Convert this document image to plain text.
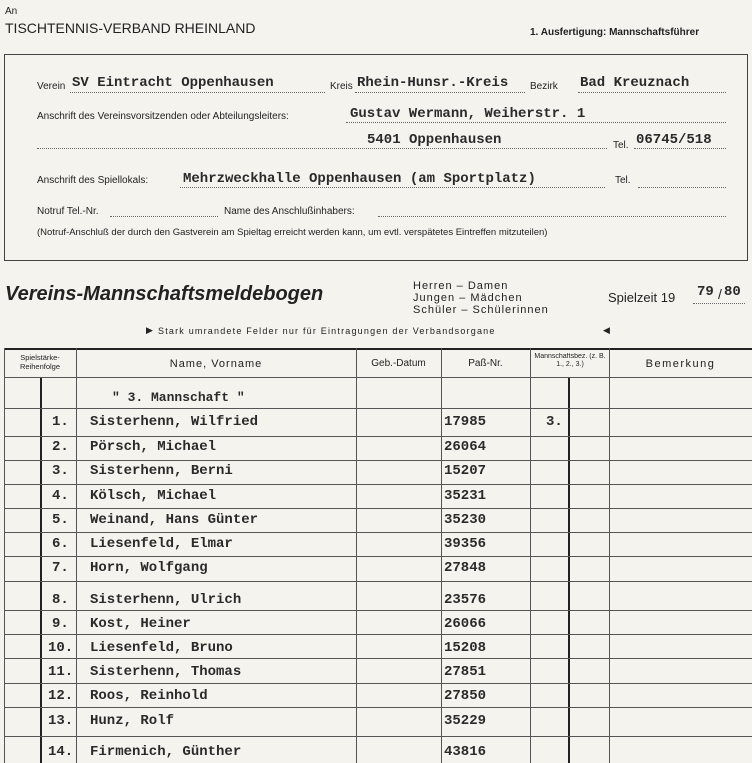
An
TISCHTENNIS-VERBAND RHEINLAND	1. Ausfertigung: Mannschaftsführer
Verein SV Eintracht Oppenhausen	Kreis Rhein-Hunsr.-Kreis Bezirk Bad Kreuznach
Anschrift des Vereinsvorsitzenden oder Abteilungsleiters:	Gustav Wermann, Weiherstr. 1
5401 Oppenhausen	Tel. 06745/518
Anschrift des Spiellokals: Mehrzweckhalle Oppenhausen (am Sportplatz)	Tel.
Notruf Tel.-Nr.	Name des Anschlußinhabers:
(Notruf-Anschluß der durch den Gastverein am Spieltag erreicht werden kann, um evtl. verspätetes Eintreffen mitzuteilen)
Vereins-Mannschaftsmeldebogen	Herren – Damen
Jungen – Mädchen
Schüler – Schülerinnen
Spielzeit 19 79 / 80
▶ Stark umrandete Felder nur für Eintragungen der Verbandsorgane	◀
Spielstärke-Reihenfolge	Name, Vorname	Geb.-Datum	Paß-Nr.
Mannschaftsbez. (z. B. 1., 2., 3.)	Bemerkung
" 3. Mannschaft "
1. Sisterhenn, Wilfried	17985	3.
2. Pörsch, Michael	26064
3. Sisterhenn, Berni	15207
4. Kölsch, Michael	35231
5. Weinand, Hans Günter	35230
6. Liesenfeld, Elmar	39356
7. Horn, Wolfgang	27848
8. Sisterhenn, Ulrich	23576
9. Kost, Heiner	26066
10. Liesenfeld, Bruno	15208
11. Sisterhenn, Thomas	27851
12. Roos, Reinhold	27850
13. Hunz, Rolf	35229
14. Firmenich, Günther	43816
